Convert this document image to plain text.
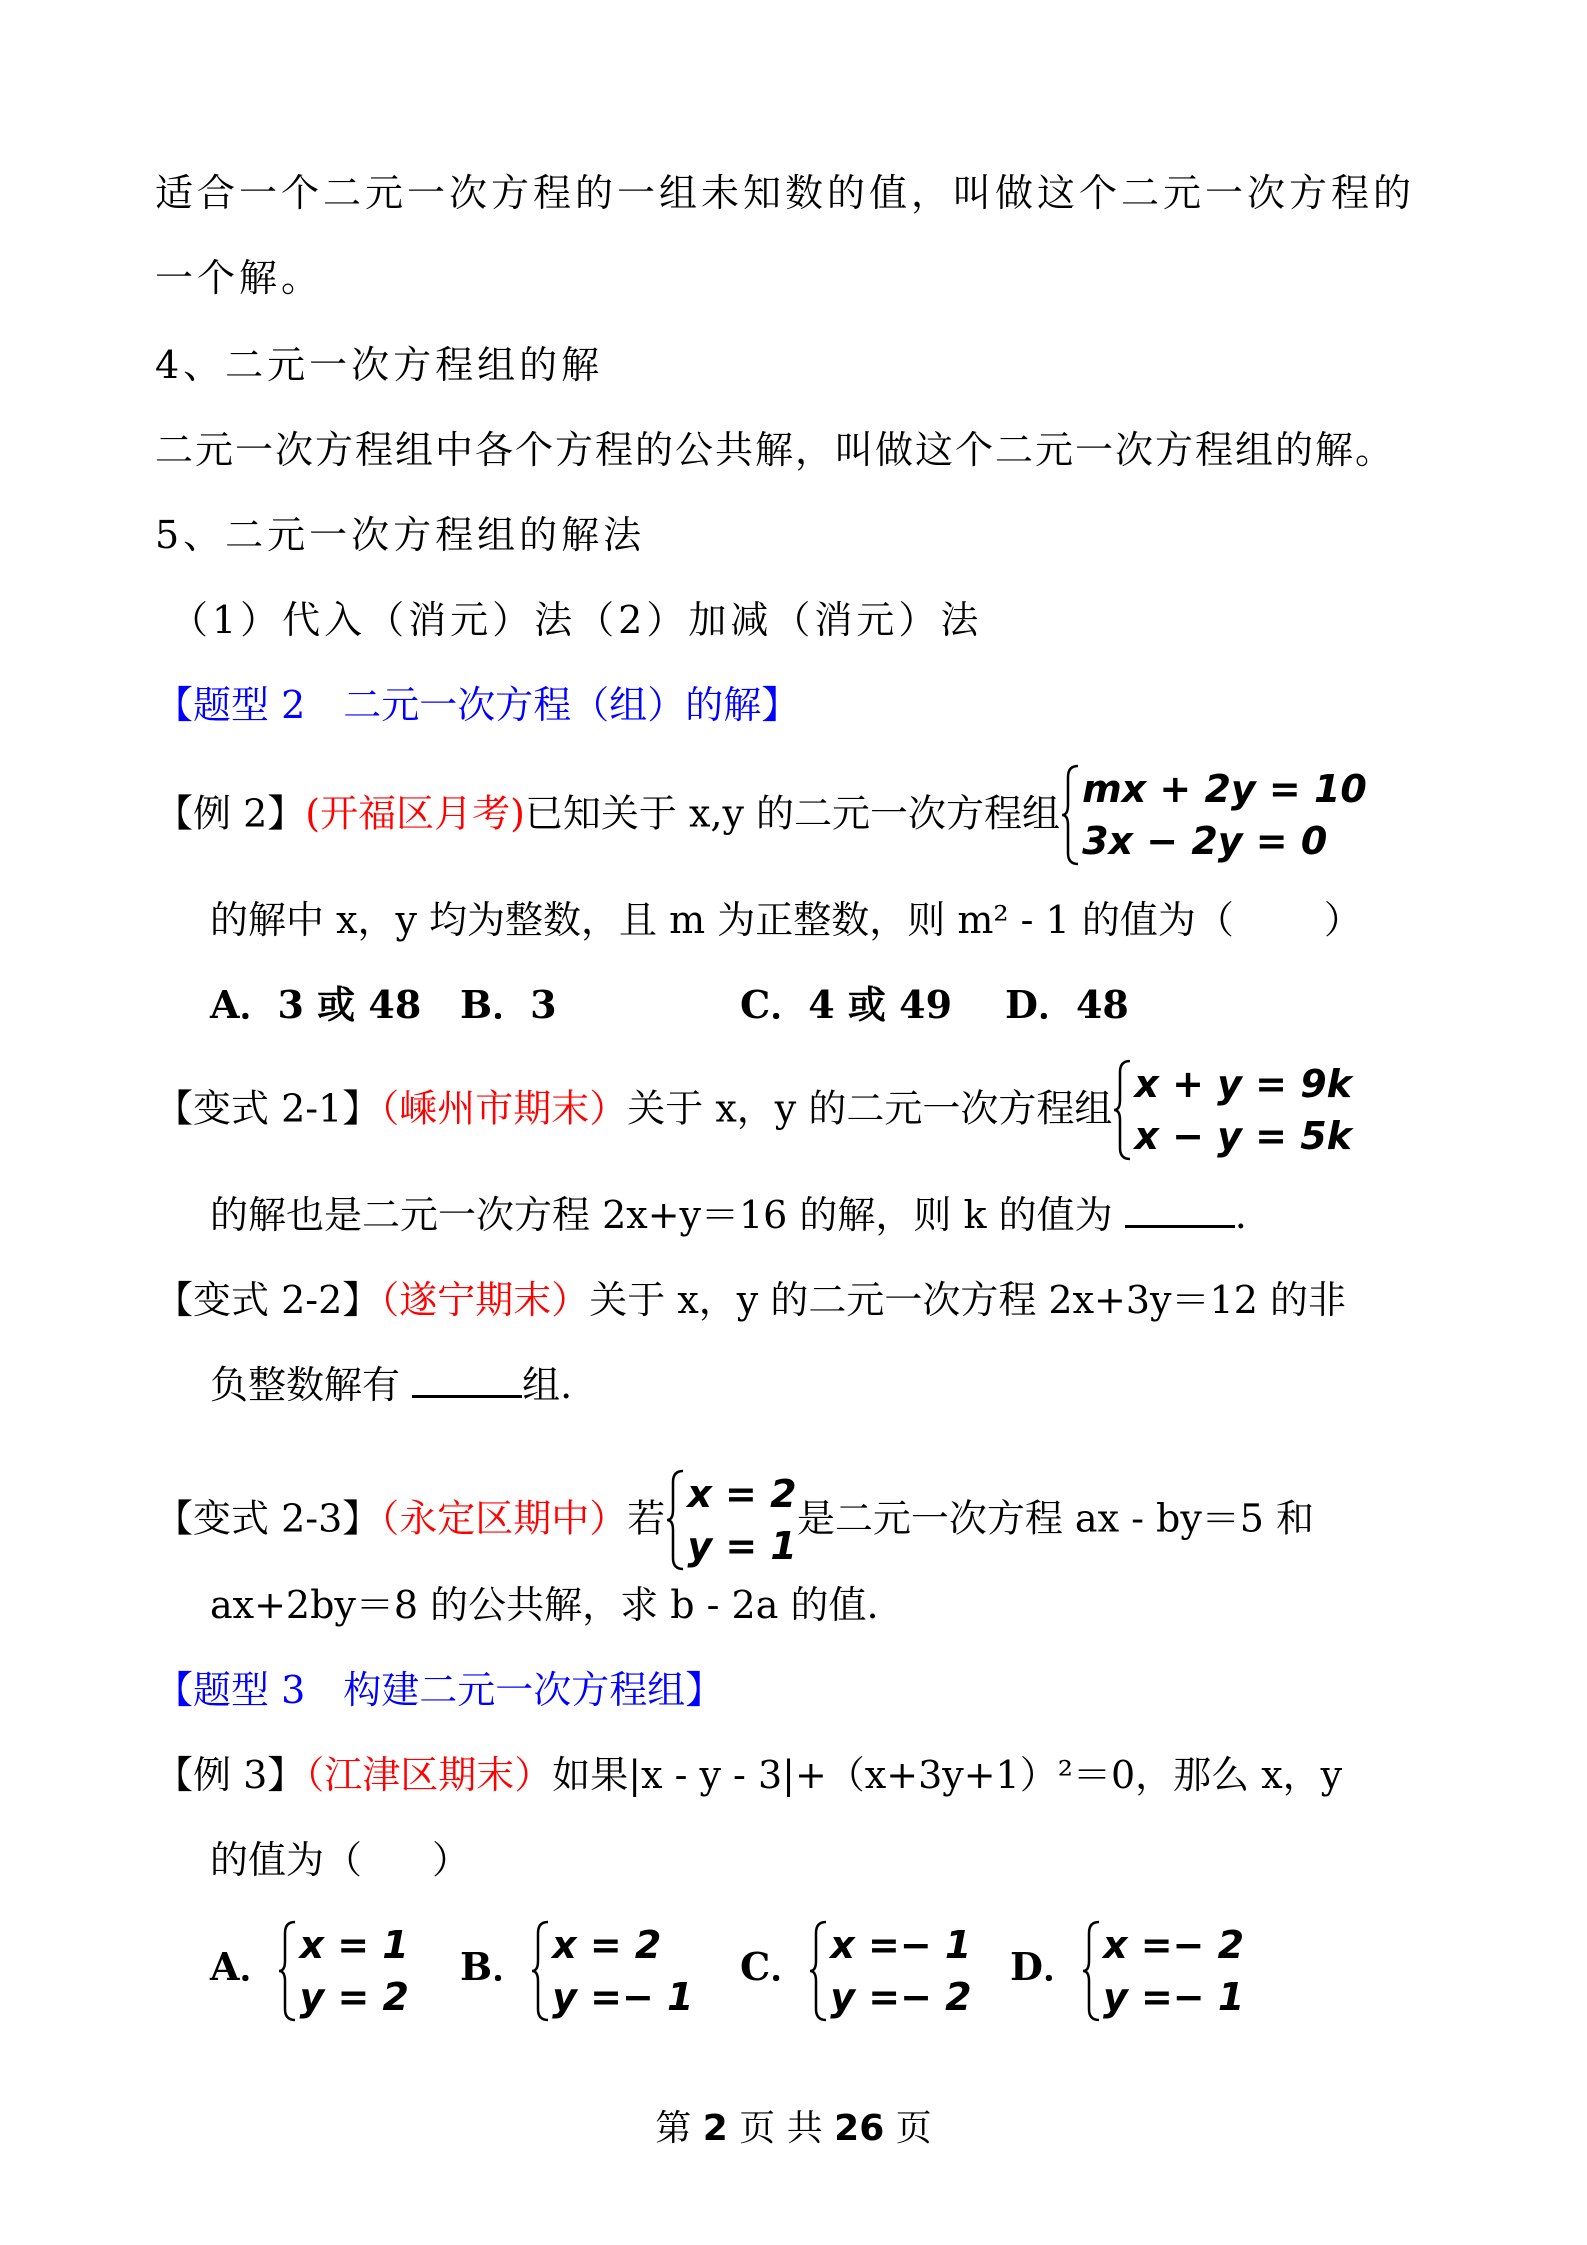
适合一个二元一次方程的一组未知数的值，叫做这个二元一次方程的
一个解。
4、二元一次方程组的解
二元一次方程组中各个方程的公共解，叫做这个二元一次方程组的解。
5、二元一次方程组的解法
（1）代入（消元）法（2）加减（消元）法
【题型 2　二元一次方程（组）的解】
【例 2】(开福区月考)已知关于 x,y 的二元一次方程组
mx + 2y = 10
3x − 2y = 0
的解中 x，y 均为整数，且 m 为正整数，则 m² - 1 的值为（ ）
A．3 或 48 B．3	C．4 或 49 D．48
【变式 2-1】（嵊州市期末）关于 x，y 的二元一次方程组
x + y = 9k
x − y = 5k
的解也是二元一次方程 2x+y＝16 的解，则 k 的值为	.
【变式 2-2】（遂宁期末）关于 x，y 的二元一次方程 2x+3y＝12 的非
负整数解有	组.
【变式 2-3】（永定区期中）若
x = 2
y = 1
是二元一次方程 ax - by＝5 和
ax+2by＝8 的公共解，求 b - 2a 的值.
【题型 3　构建二元一次方程组】
【例 3】（江津区期末）如果|x - y - 3|+（x+3y+1）²＝0，那么 x，y
的值为（ ）
A． x = 1
y = 2
B． x = 2
y =− 1
C． x =− 1
y =− 2
D． x =− 2
y =− 1
第 2 页 共 26 页
